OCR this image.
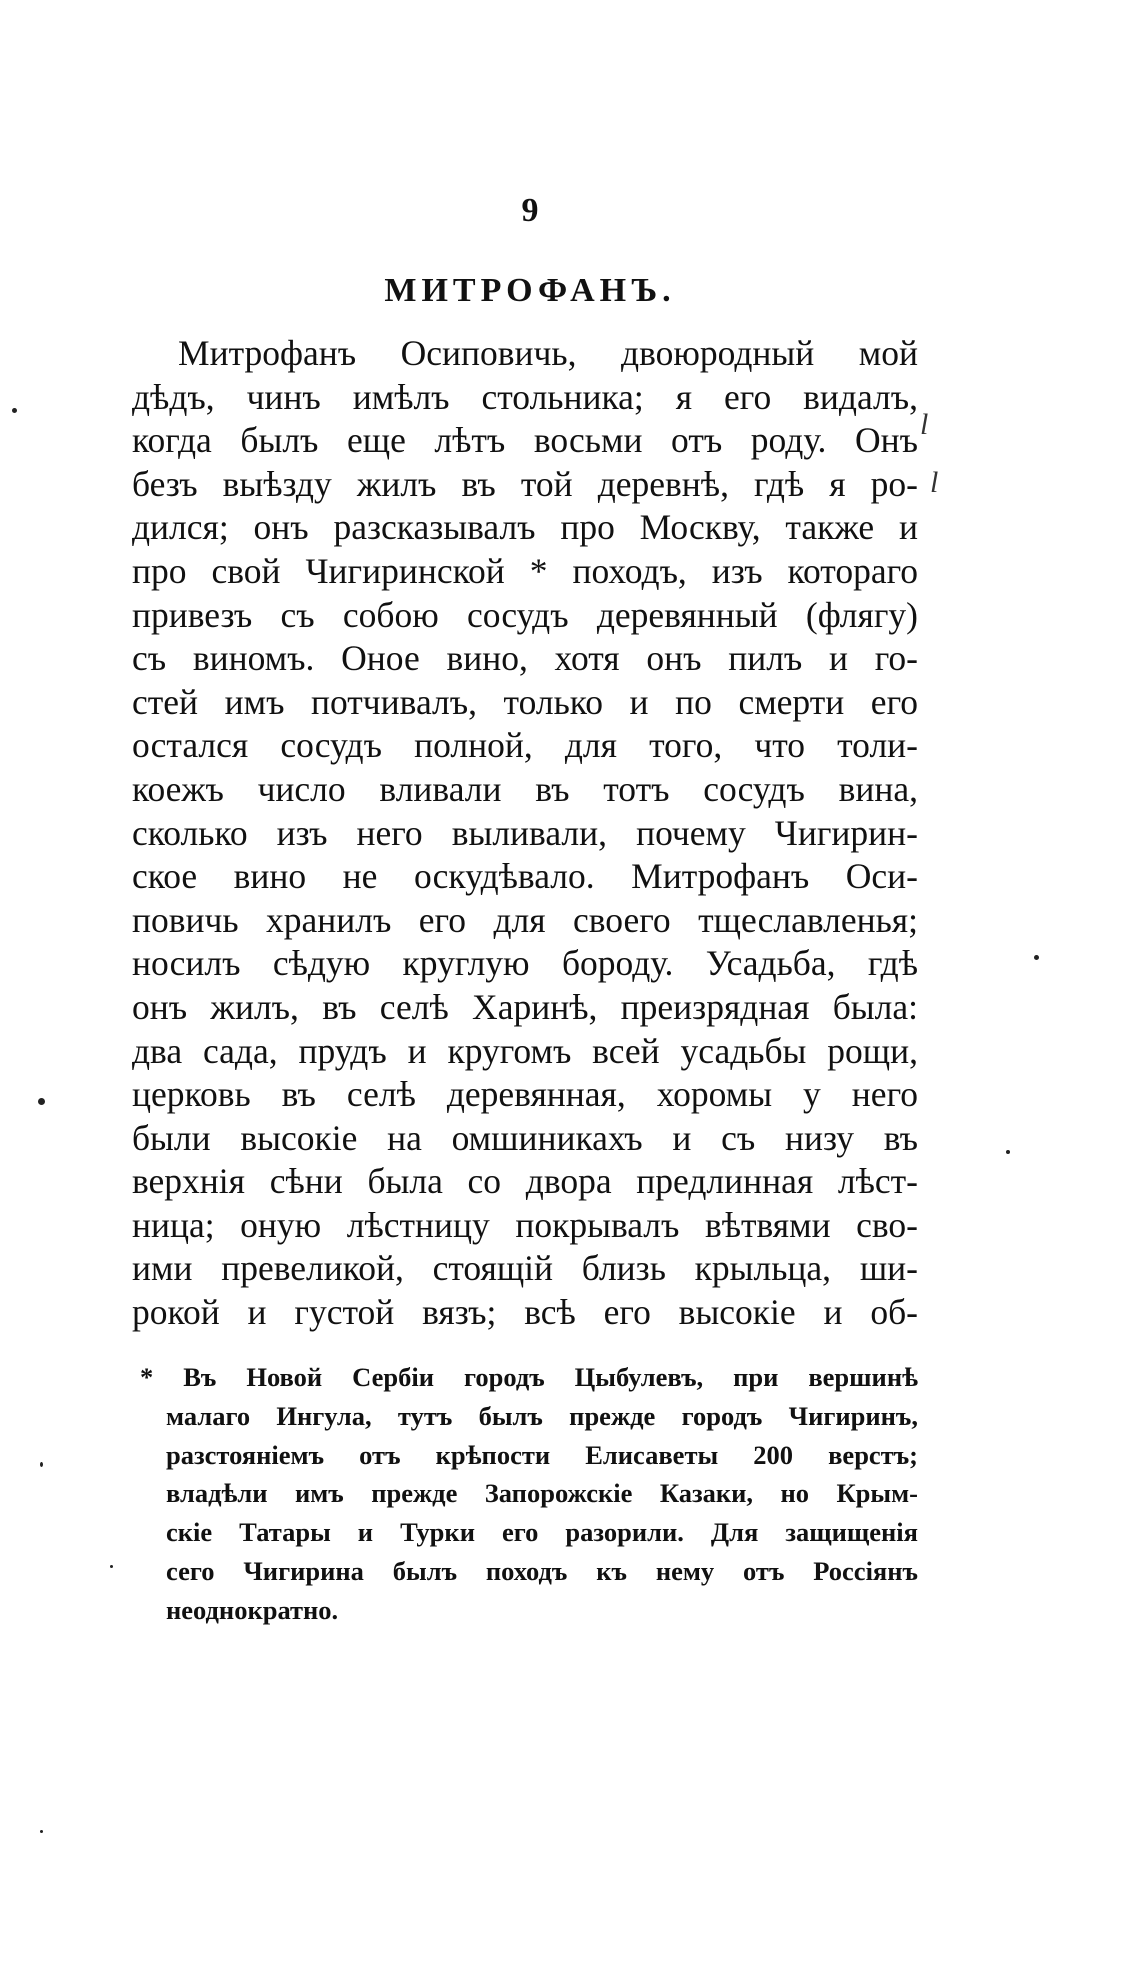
9
МИТРОФАНЪ.
Митрофанъ Осиповичь, двоюродный мой
дѣдъ, чинъ имѣлъ стольника; я его видалъ,
когда былъ еще лѣтъ восьми отъ роду. Онъ
безъ выѣзду жилъ въ той деревнѣ, гдѣ я ро-
дился; онъ разсказывалъ про Москву, также и
про свой Чигиринской * походъ, изъ котораго
привезъ съ собою сосудъ деревянный (флягу)
съ виномъ. Оное вино, хотя онъ пилъ и го-
стей имъ потчивалъ, только и по смерти его
остался сосудъ полной, для того, что толи-
коежъ число вливали въ тотъ сосудъ вина,
сколько изъ него выливали, почему Чигирин-
ское вино не оскудѣвало. Митрофанъ Оси-
повичь хранилъ его для своего тщеславленья;
носилъ сѣдую круглую бороду. Усадьба, гдѣ
онъ жилъ, въ селѣ Харинѣ, преизрядная была:
два сада, прудъ и кругомъ всей усадьбы рощи,
церковь въ селѣ деревянная, хоромы у него
были высокіе на омшиникахъ и съ низу въ
верхнія сѣни была со двора предлинная лѣст-
ница; оную лѣстницу покрывалъ вѣтвями сво-
ими превеликой, стоящій близь крыльца, ши-
рокой и густой вязъ; всѣ его высокіе и об-
* Въ Новой Сербіи городъ Цыбулевъ, при вершинѣ
малаго Ингула, тутъ былъ прежде городъ Чигиринъ,
разстояніемъ отъ крѣпости Елисаветы 200 верстъ;
владѣли имъ прежде Запорожскіе Казаки, но Крым-
скіе Татары и Турки его разорили. Для защищенія
сего Чигирина былъ походъ къ нему отъ Россіянъ
неоднократно.
l
l
